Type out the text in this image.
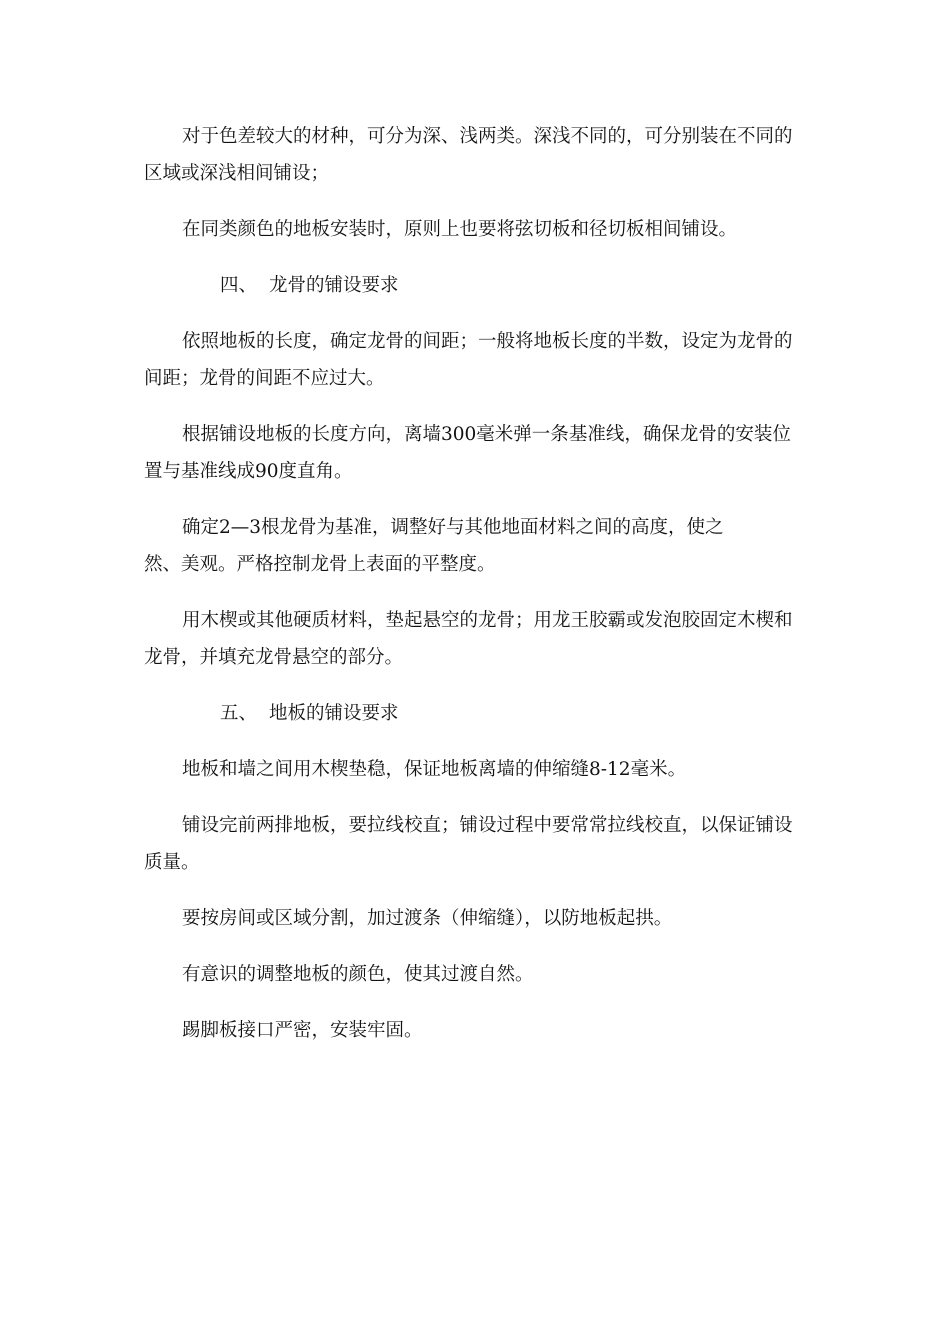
对于色差较大的材种，可分为深、浅两类。深浅不同的，可分别装在不同的区域或深浅相间铺设；

在同类颜色的地板安装时，原则上也要将弦切板和径切板相间铺设。

四、 龙骨的铺设要求

依照地板的长度，确定龙骨的间距；一般将地板长度的半数，设定为龙骨的间距；龙骨的间距不应过大。

根据铺设地板的长度方向，离墙300毫米弹一条基准线，确保龙骨的安装位置与基准线成90度直角。

确定2—3根龙骨为基准，调整好与其他地面材料之间的高度，使之
然、美观。严格控制龙骨上表面的平整度。

用木楔或其他硬质材料，垫起悬空的龙骨；用龙王胶霸或发泡胶固定木楔和龙骨，并填充龙骨悬空的部分。

五、 地板的铺设要求

地板和墙之间用木楔垫稳，保证地板离墙的伸缩缝8-12毫米。

铺设完前两排地板，要拉线校直；铺设过程中要常常拉线校直，以保证铺设质量。

要按房间或区域分割，加过渡条（伸缩缝），以防地板起拱。

有意识的调整地板的颜色，使其过渡自然。

踢脚板接口严密，安装牢固。
